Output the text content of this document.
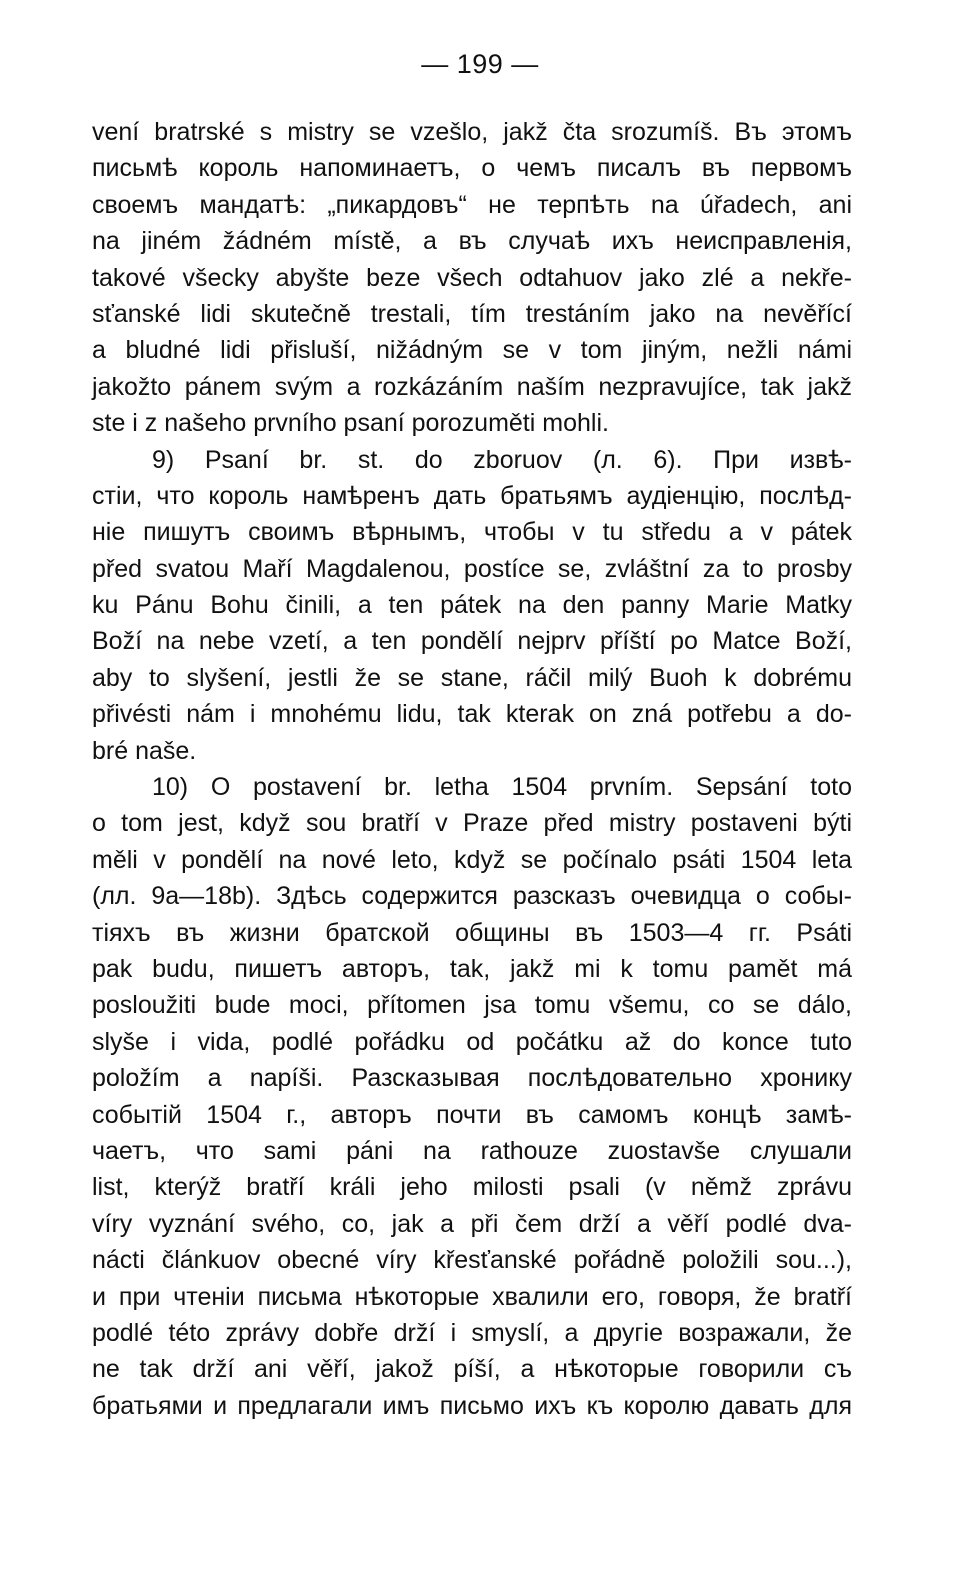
— 199 —
vení bratrské s mistry se vzešlo, jakž čta srozumíš. Въ этомъ
письмѣ король напоминаетъ, о чемъ писалъ въ первомъ
своемъ мандатѣ: „пикардовъ“ не терпѣть na úřadech, ani
na jiném žádném místě, a въ случаѣ ихъ неисправленія,
takové všecky abyšte beze všech odtahuov jako zlé a nekře-
sťanské lidi skutečně trestali, tím trestáním jako na nevěřící
a bludné lidi přisluší, nižádným se v tom jiným, nežli námi
jakožto pánem svým a rozkázáním naším nezpravujíce, tak jakž
ste i z našeho prvního psaní porozuměti mohli.
9) Psaní br. st. do zboruov (л. 6). При извѣ-
стіи, что король намѣренъ дать братьямъ аудіенцію, послѣд-
ніе пишутъ своимъ вѣрнымъ, чтобы v tu středu a v pátek
před svatou Maří Magdalenou, postíce se, zvláštní za to prosby
ku Pánu Bohu činili, a ten pátek na den panny Marie Matky
Boží na nebe vzetí, a ten pondělí nejprv příští po Matce Boží,
aby to slyšení, jestli že se stane, ráčil milý Buoh k dobrému
přivésti nám i mnohému lidu, tak kterak on zná potřebu a do-
bré naše.
10) O postavení br. letha 1504 prvním. Sepsání toto
o tom jest, když sou bratří v Praze před mistry postaveni býti
měli v pondělí na nové leto, když se počínalo psáti 1504 leta
(лл. 9a—18b). Здѣсь содержится разсказъ очевидца о собы-
тіяхъ въ жизни братской общины въ 1503—4 гг. Psáti
pak budu, пишетъ авторъ, tak, jakž mi k tomu pamět má
posloužiti bude moci, přítomen jsa tomu všemu, co se dálo,
slyše i vida, podlé pořádku od počátku až do konce tuto
položím a napíši. Разсказывая послѣдовательно хронику
событій 1504 г., авторъ почти въ самомъ концѣ замѣ-
чаетъ, что sami páni na rathouze zuostavše слушали
list, kterýž bratří králi jeho milosti psali (v němž zprávu
víry vyznání svého, co, jak a při čem drží a věří podlé dva-
nácti článkuov obecné víry křesťanské pořádně položili sou...),
и при чтеніи письма нѣкоторые хвалили его, говоря, že bratří
podlé této zprávy dobře drží i smyslí, а другіе возражали, že
ne tak drží ani věří, jakož píší, а нѣкоторые говорили съ
братьями и предлагали имъ письмо ихъ къ королю давать для
